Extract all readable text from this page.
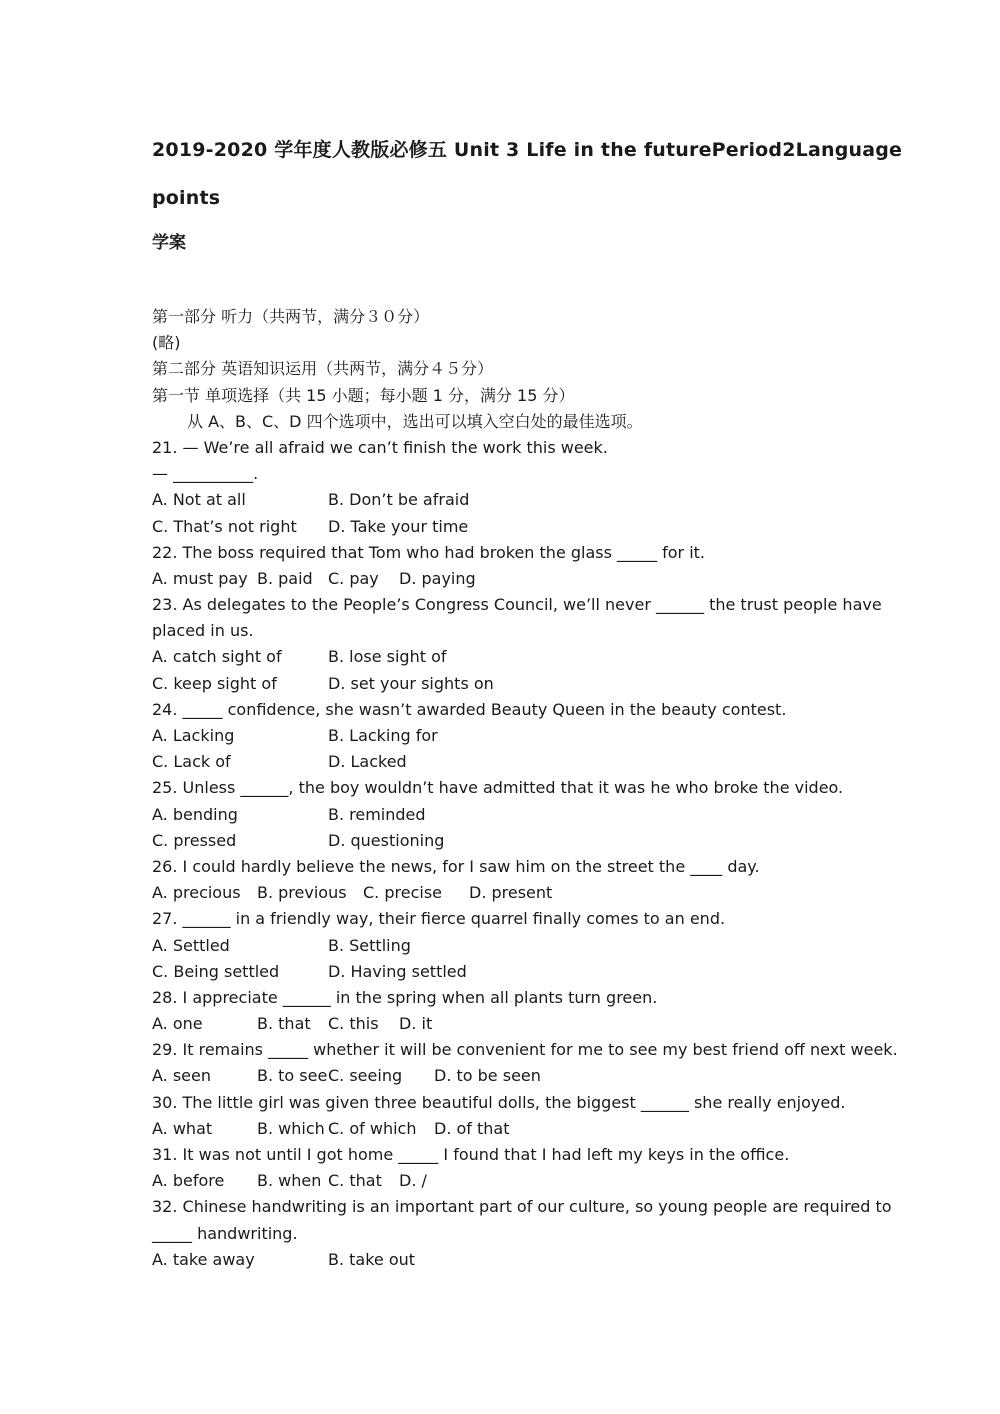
2019-2020 学年度人教版必修五 Unit 3 Life in the futurePeriod2Language
points
学案
第一部分 听力（共两节，满分３０分）
(略)
第二部分 英语知识运用（共两节，满分４５分）
第一节 单项选择（共 15 小题；每小题 1 分，满分 15 分）
从 A、B、C、D 四个选项中，选出可以填入空白处的最佳选项。
21. — We’re all afraid we can’t finish the work this week.
— __________.
A. Not at all	B. Don’t be afraid
C. That’s not right	D. Take your time
22. The boss required that Tom who had broken the glass _____ for it.
A. must pay B. paid C. pay	D. paying
23. As delegates to the People’s Congress Council, we’ll never ______ the trust people have
placed in us.
A. catch sight of	B. lose sight of
C. keep sight of	D. set your sights on
24. _____ confidence, she wasn’t awarded Beauty Queen in the beauty contest.
A. Lacking	B. Lacking for
C. Lack of	D. Lacked
25. Unless ______, the boy wouldn’t have admitted that it was he who broke the video.
A. bending	B. reminded
C. pressed	D. questioning
26. I could hardly believe the news, for I saw him on the street the ____ day.
A. precious	B. previous	C. precise	D. present
27. ______ in a friendly way, their fierce quarrel finally comes to an end.
A. Settled	B. Settling
C. Being settled	D. Having settled
28. I appreciate ______ in the spring when all plants turn green.
A. one	B. that	C. this	D. it
29. It remains _____ whether it will be convenient for me to see my best friend off next week.
A. seen	B. to see C. seeing	D. to be seen
30. The little girl was given three beautiful dolls, the biggest ______ she really enjoyed.
A. what	B. which C. of which	D. of that
31. It was not until I got home _____ I found that I had left my keys in the office.
A. before	B. when C. that	D. /
32. Chinese handwriting is an important part of our culture, so young people are required to
_____ handwriting.
A. take away	B. take out
